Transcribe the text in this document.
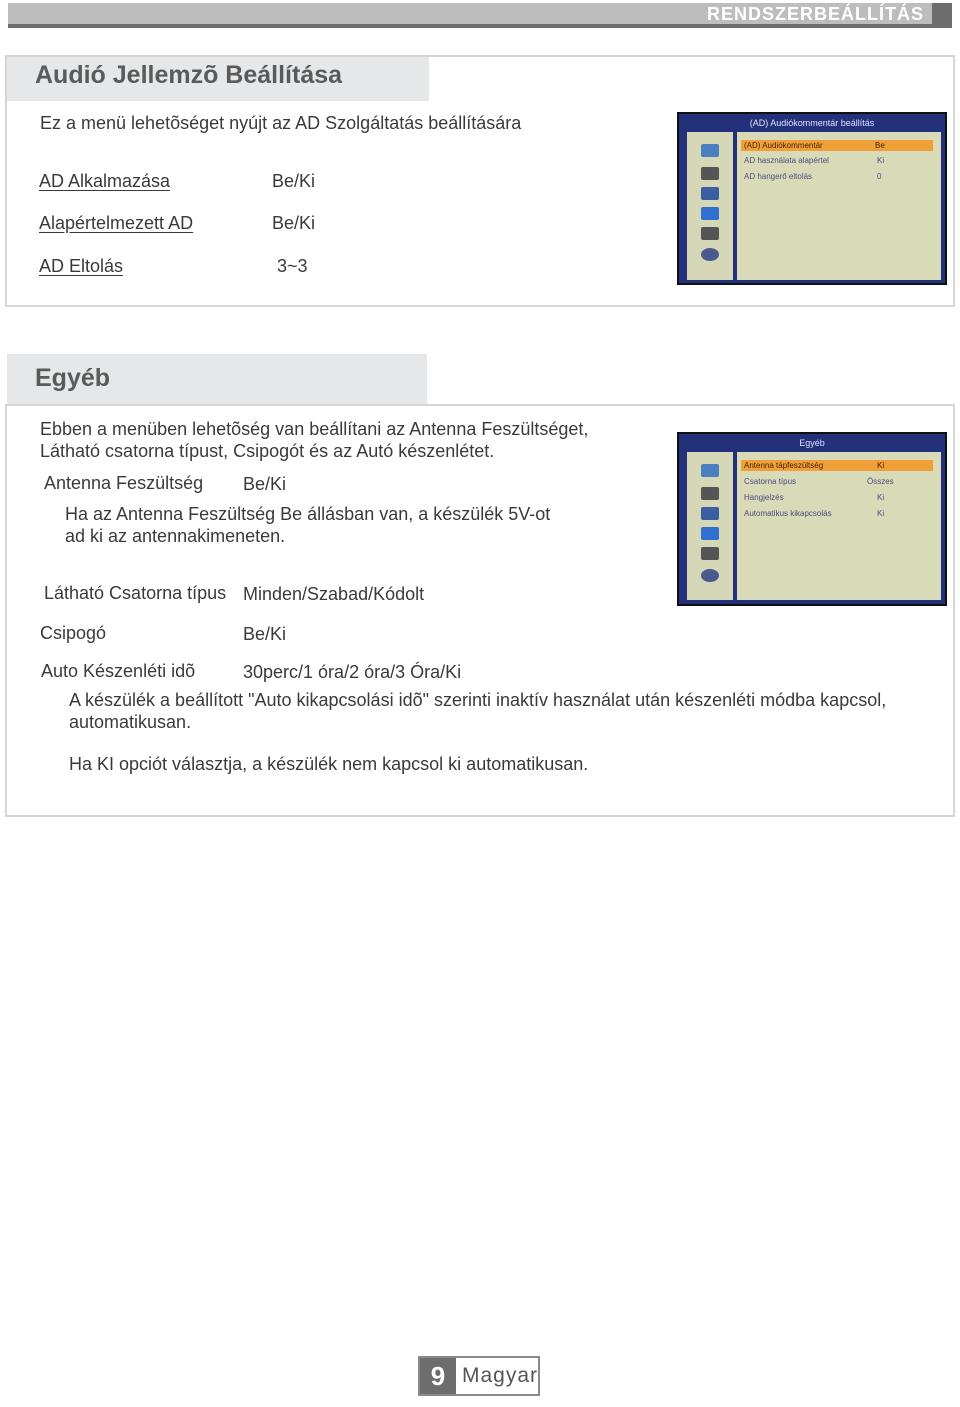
RENDSZERBEÁLLÍTÁS
Audió Jellemzõ Beállítása
Ez a menü lehetõséget nyújt az AD Szolgáltatás beállítására
AD Alkalmazása	Be/Ki
Alapértelmezett AD	Be/Ki
AD Eltolás	3~3
(AD) Audiókommentár beállítás
(AD) Audiókommentár	Be
AD használata alapértel	Ki
AD hangerő eltolás	0
Egyéb
Ebben a menüben lehetõség van beállítani az Antenna Feszültséget,
Látható csatorna típust, Csipogót és az Autó készenlétet.
Antenna Feszültség Be/Ki
Ha az Antenna Feszültség Be állásban van, a készülék 5V-ot
ad ki az antennakimeneten.
Látható Csatorna típus Minden/Szabad/Kódolt
Csipogó	Be/Ki
Auto Készenléti idõ	30perc/1 óra/2 óra/3 Óra/Ki
A készülék a beállított "Auto kikapcsolási idõ" szerinti inaktív használat után készenléti módba kapcsol,
automatikusan.
Ha KI opciót választja, a készülék nem kapcsol ki automatikusan.
Egyéb
Antenna tápfeszültség	Ki
Csatorna típus	Összes
Hangjelzés	Ki
Automatikus kikapcsolás	Ki
9 Magyar
